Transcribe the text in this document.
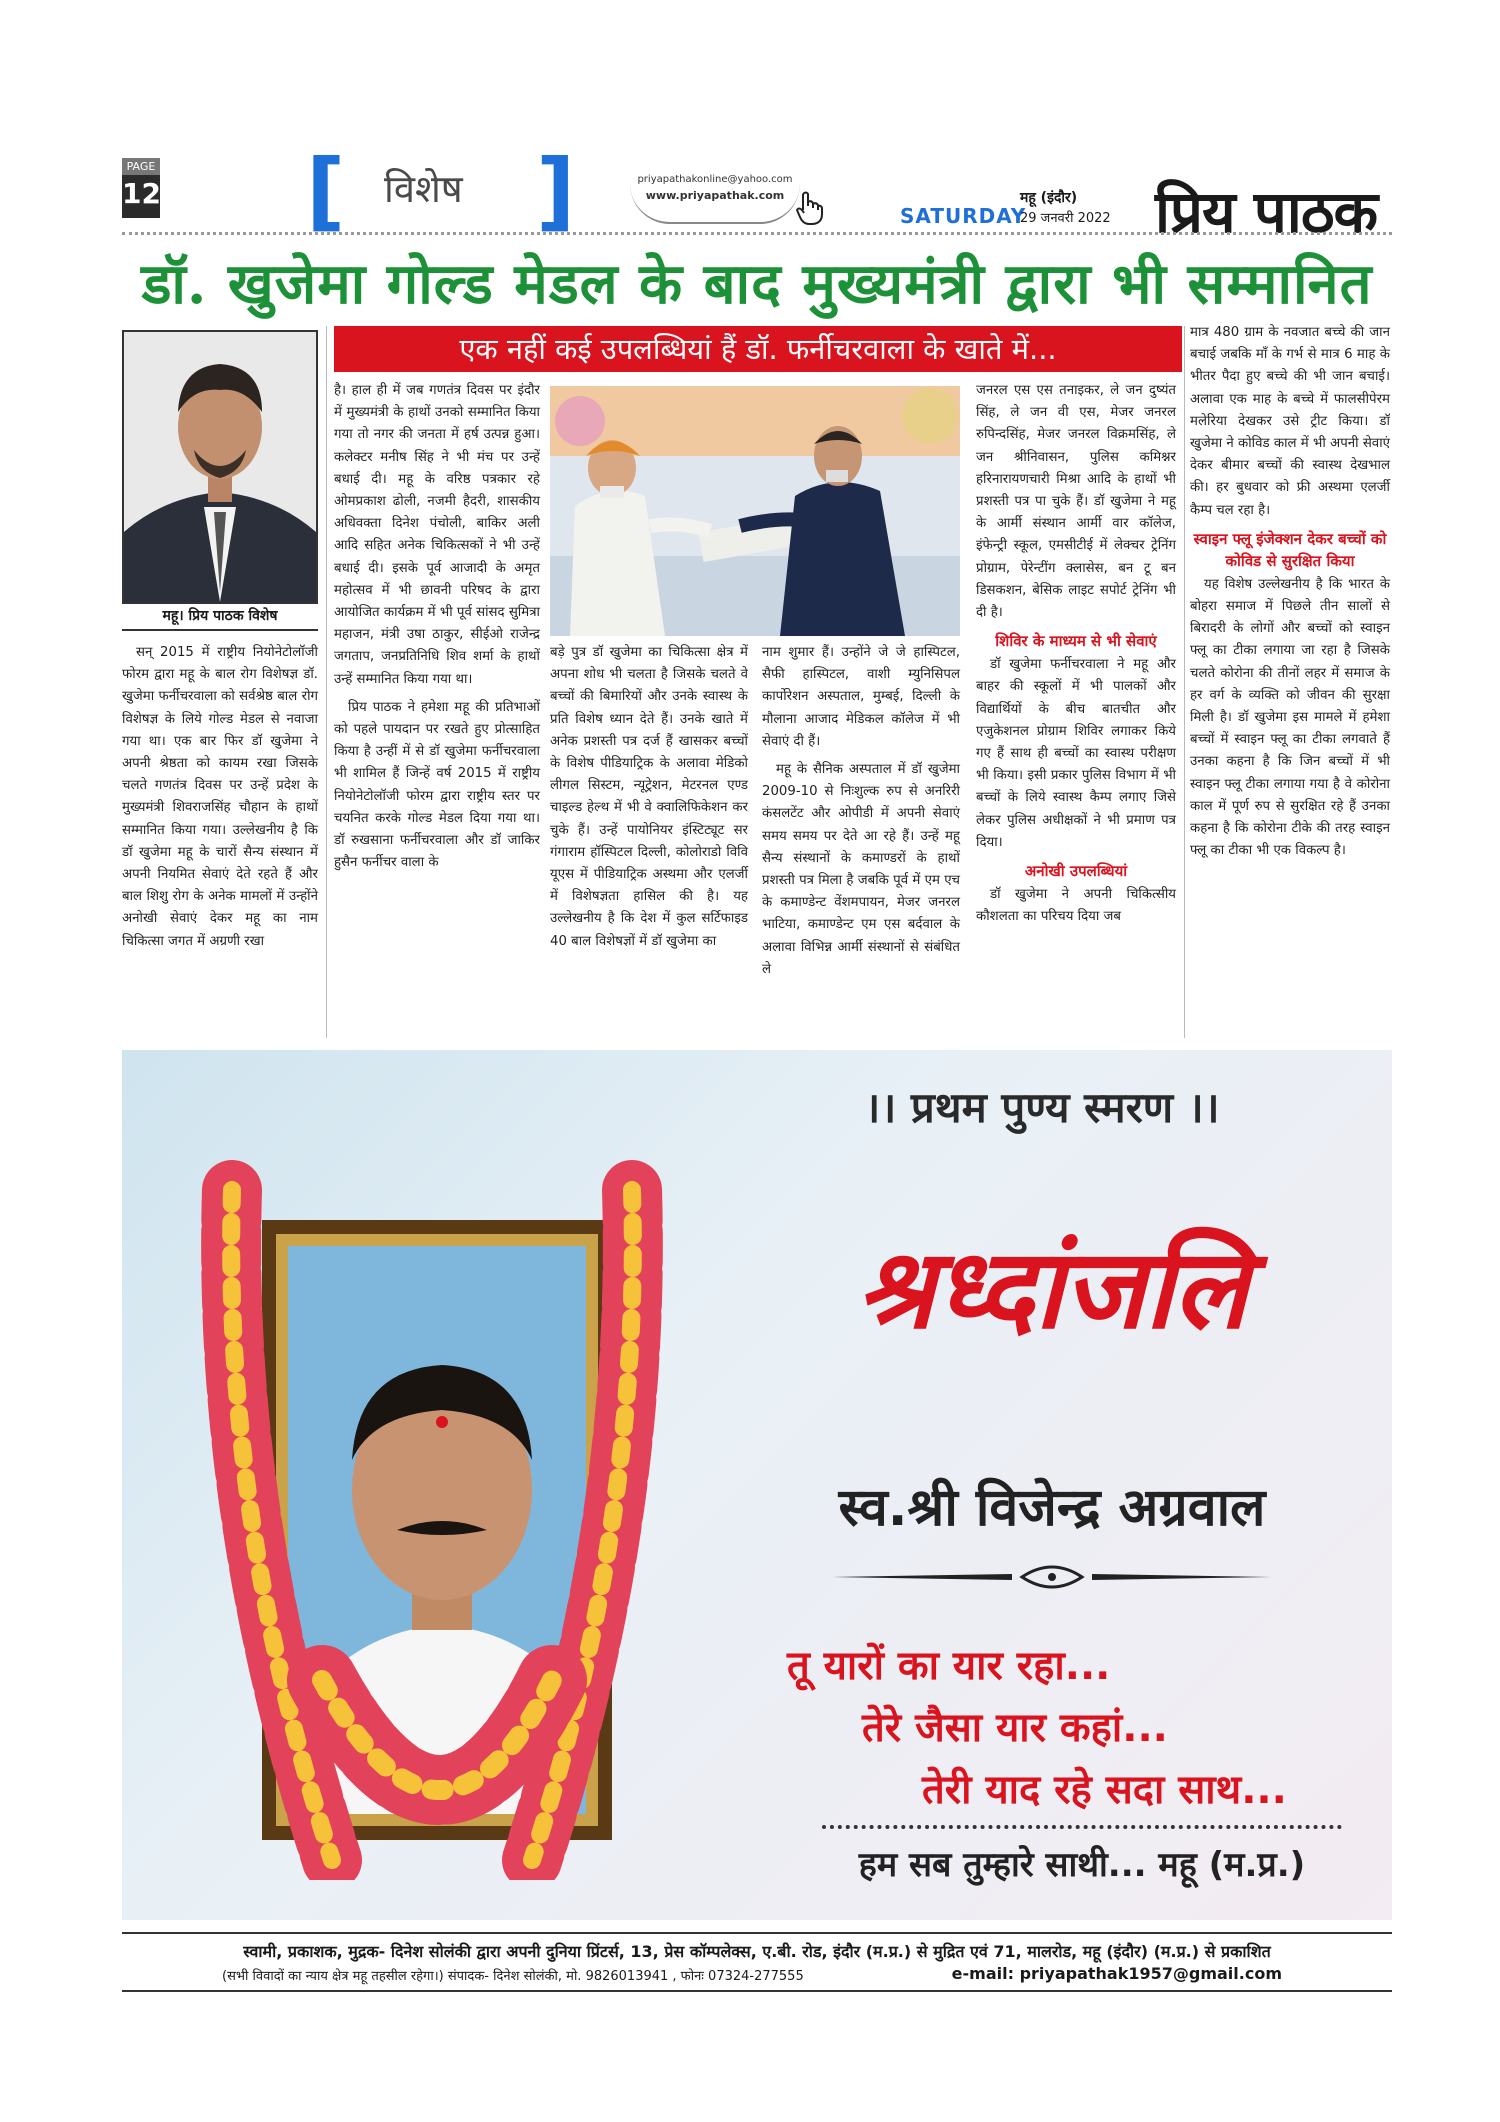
PAGE
12 [ विशेष ]	priyapathakonline@yahoo.com
www.priyapathak.com
SATURDAY
महू (इंदौर)
29 जनवरी 2022 प्रिय पाठक
डॉ. खुजेमा गोल्ड मेडल के बाद मुख्यमंत्री द्वारा भी सम्मानित
महू। प्रिय पाठक विशेष

सन् 2015 में राष्ट्रीय नियोनेटोलॉजी फोरम द्वारा महू के बाल रोग विशेषज्ञ डॉ. खुजेमा फर्नीचरवाला को सर्वश्रेष्ठ बाल रोग विशेषज्ञ के लिये गोल्ड मेडल से नवाजा गया था। एक बार फिर डॉ खुजेमा ने अपनी श्रेष्ठता को कायम रखा जिसके चलते गणतंत्र दिवस पर उन्हें प्रदेश के मुख्यमंत्री शिवराजसिंह चौहान के हाथों सम्मानित किया गया। उल्लेखनीय है कि डॉ खुजेमा महू के चारों सैन्य संस्थान में अपनी नियमित सेवाएं देते रहते हैं और बाल शिशु रोग के अनेक मामलों में उन्होंने अनोखी सेवाएं देकर महू का नाम चिकित्सा जगत में अग्रणी रखा

एक नहीं कई उपलब्धियां हैं डॉ. फर्नीचरवाला के खाते में...

है। हाल ही में जब गणतंत्र दिवस पर इंदौर में मुख्यमंत्री के हाथों उनको सम्मानित किया गया तो नगर की जनता में हर्ष उत्पन्न हुआ। कलेक्टर मनीष सिंह ने भी मंच पर उन्हें बधाई दी। महू के वरिष्ठ पत्रकार रहे ओमप्रकाश ढोली, नजमी हैदरी, शासकीय अधिवक्ता दिनेश पंचोली, बाकिर अली आदि सहित अनेक चिकित्सकों ने भी उन्हें बधाई दी। इसके पूर्व आजादी के अमृत महोत्सव में भी छावनी परिषद के द्वारा आयोजित कार्यक्रम में भी पूर्व सांसद सुमित्रा महाजन, मंत्री उषा ठाकुर, सीईओ राजेन्द्र जगताप, जनप्रतिनिधि शिव शर्मा के हाथों उन्हें सम्मानित किया गया था।

प्रिय पाठक ने हमेशा महू की प्रतिभाओं को पहले पायदान पर रखते हुए प्रोत्साहित किया है उन्हीं में से डॉ खुजेमा फर्नीचरवाला भी शामिल हैं जिन्हें वर्ष 2015 में राष्ट्रीय नियोनेटोलॉजी फोरम द्वारा राष्ट्रीय स्तर पर चयनित करके गोल्ड मेडल दिया गया था। डॉ रुखसाना फर्नीचरवाला और डॉ जाकिर हुसैन फर्नीचर वाला के

बड़े पुत्र डॉ खुजेमा का चिकित्सा क्षेत्र में अपना शोध भी चलता है जिसके चलते वे बच्चों की बिमारियों और उनके स्वास्थ के प्रति विशेष ध्यान देते हैं। उनके खाते में अनेक प्रशस्ती पत्र दर्ज हैं खासकर बच्चों के विशेष पीडियाट्रिक के अलावा मेडिको लीगल सिस्टम, न्यूट्रेशन, मेटरनल एण्ड चाइल्ड हेल्थ में भी वे क्वालिफिकेशन कर चुके हैं। उन्हें पायोनियर इंस्टिट्यूट सर गंगाराम हॉस्पिटल दिल्ली, कोलोराडो विवि यूएस में पीडियाट्रिक अस्थमा और एलर्जी में विशेषज्ञता हासिल की है। यह उल्लेखनीय है कि देश में कुल सर्टिफाइड 40 बाल विशेषज्ञों में डॉ खुजेमा का

नाम शुमार हैं। उन्होंने जे जे हास्पिटल, सैफी हास्पिटल, वाशी म्युनिसिपल कार्पोरेशन अस्पताल, मुम्बई, दिल्ली के मौलाना आजाद मेडिकल कॉलेज में भी सेवाएं दी हैं।

महू के सैनिक अस्पताल में डॉ खुजेमा 2009-10 से निःशुल्क रुप से अनरिरी कंसलटेंट और ओपीडी में अपनी सेवाएं समय समय पर देते आ रहे हैं। उन्हें महू सैन्य संस्थानों के कमाण्डरों के हाथों प्रशस्ती पत्र मिला है जबकि पूर्व में एम एच के कमाण्डेन्ट वेंशमपायन, मेजर जनरल भाटिया, कमाण्डेन्ट एम एस बर्दवाल के अलावा विभिन्न आर्मी संस्थानों से संबंधित ले

जनरल एस एस तनाइकर, ले जन दुष्यंत सिंह, ले जन वी एस, मेजर जनरल रुपिन्दसिंह, मेजर जनरल विक्रमसिंह, ले जन श्रीनिवासन, पुलिस कमिश्नर हरिनारायणचारी मिश्रा आदि के हाथों भी प्रशस्ती पत्र पा चुके हैं। डॉ खुजेमा ने महू के आर्मी संस्थान आर्मी वार कॉलेज, इंफेन्ट्री स्कूल, एमसीटीई में लेक्चर ट्रेनिंग प्रोग्राम, पेरेन्टींग क्लासेस, बन टू बन डिसकशन, बेसिक लाइट सपोर्ट ट्रेनिंग भी दी है।

शिविर के माध्यम से भी सेवाएं

डॉ खुजेमा फर्नीचरवाला ने महू और बाहर की स्कूलों में भी पालकों और विद्यार्थियों के बीच बातचीत और एजुकेशनल प्रोग्राम शिविर लगाकर किये गए हैं साथ ही बच्चों का स्वास्थ परीक्षण भी किया। इसी प्रकार पुलिस विभाग में भी बच्चों के लिये स्वास्थ कैम्प लगाए जिसे लेकर पुलिस अधीक्षकों ने भी प्रमाण पत्र दिया।

अनोखी उपलब्धियां

डॉ खुजेमा ने अपनी चिकित्सीय कौशलता का परिचय दिया जब

मात्र 480 ग्राम के नवजात बच्चे की जान बचाई जबकि माँ के गर्भ से मात्र 6 माह के भीतर पैदा हुए बच्चे की भी जान बचाई। अलावा एक माह के बच्चे में फालसीपेरम मलेरिया देखकर उसे ट्रीट किया। डॉ खुजेमा ने कोविड काल में भी अपनी सेवाएं देकर बीमार बच्चों की स्वास्थ देखभाल की। हर बुधवार को फ्री अस्थमा एलर्जी कैम्प चल रहा है।

स्वाइन फ्लू इंजेक्शन देकर बच्चों को कोविड से सुरक्षित किया

यह विशेष उल्लेखनीय है कि भारत के बोहरा समाज में पिछले तीन सालों से बिरादरी के लोगों और बच्चों को स्वाइन फ्लू का टीका लगाया जा रहा है जिसके चलते कोरोना की तीनों लहर में समाज के हर वर्ग के व्यक्ति को जीवन की सुरक्षा मिली है। डॉ खुजेमा इस मामले में हमेशा बच्चों में स्वाइन फ्लू का टीका लगवाते हैं उनका कहना है कि जिन बच्चों में भी स्वाइन फ्लू टीका लगाया गया है वे कोरोना काल में पूर्ण रुप से सुरक्षित रहे हैं उनका कहना है कि कोरोना टीके की तरह स्वाइन फ्लू का टीका भी एक विकल्प है।

।। प्रथम पुण्य स्मरण ।।
श्रध्दांजलि
स्व.श्री विजेन्द्र अग्रवाल
तू यारों का यार रहा...
तेरे जैसा यार कहां...
तेरी याद रहे सदा साथ...
हम सब तुम्हारे साथी... महू (म.प्र.)
स्वामी, प्रकाशक, मुद्रक- दिनेश सोलंकी द्वारा अपनी दुनिया प्रिंटर्स, 13, प्रेस कॉम्पलेक्स, ए.बी. रोड, इंदौर (म.प्र.) से मुद्रित एवं 71, मालरोड, महू (इंदौर) (म.प्र.) से प्रकाशित
(सभी विवादों का न्याय क्षेत्र महू तहसील रहेगा।) संपादक- दिनेश सोलंकी, मो. 9826013941 , फोनः 07324-277555	e-mail: priyapathak1957@gmail.com
